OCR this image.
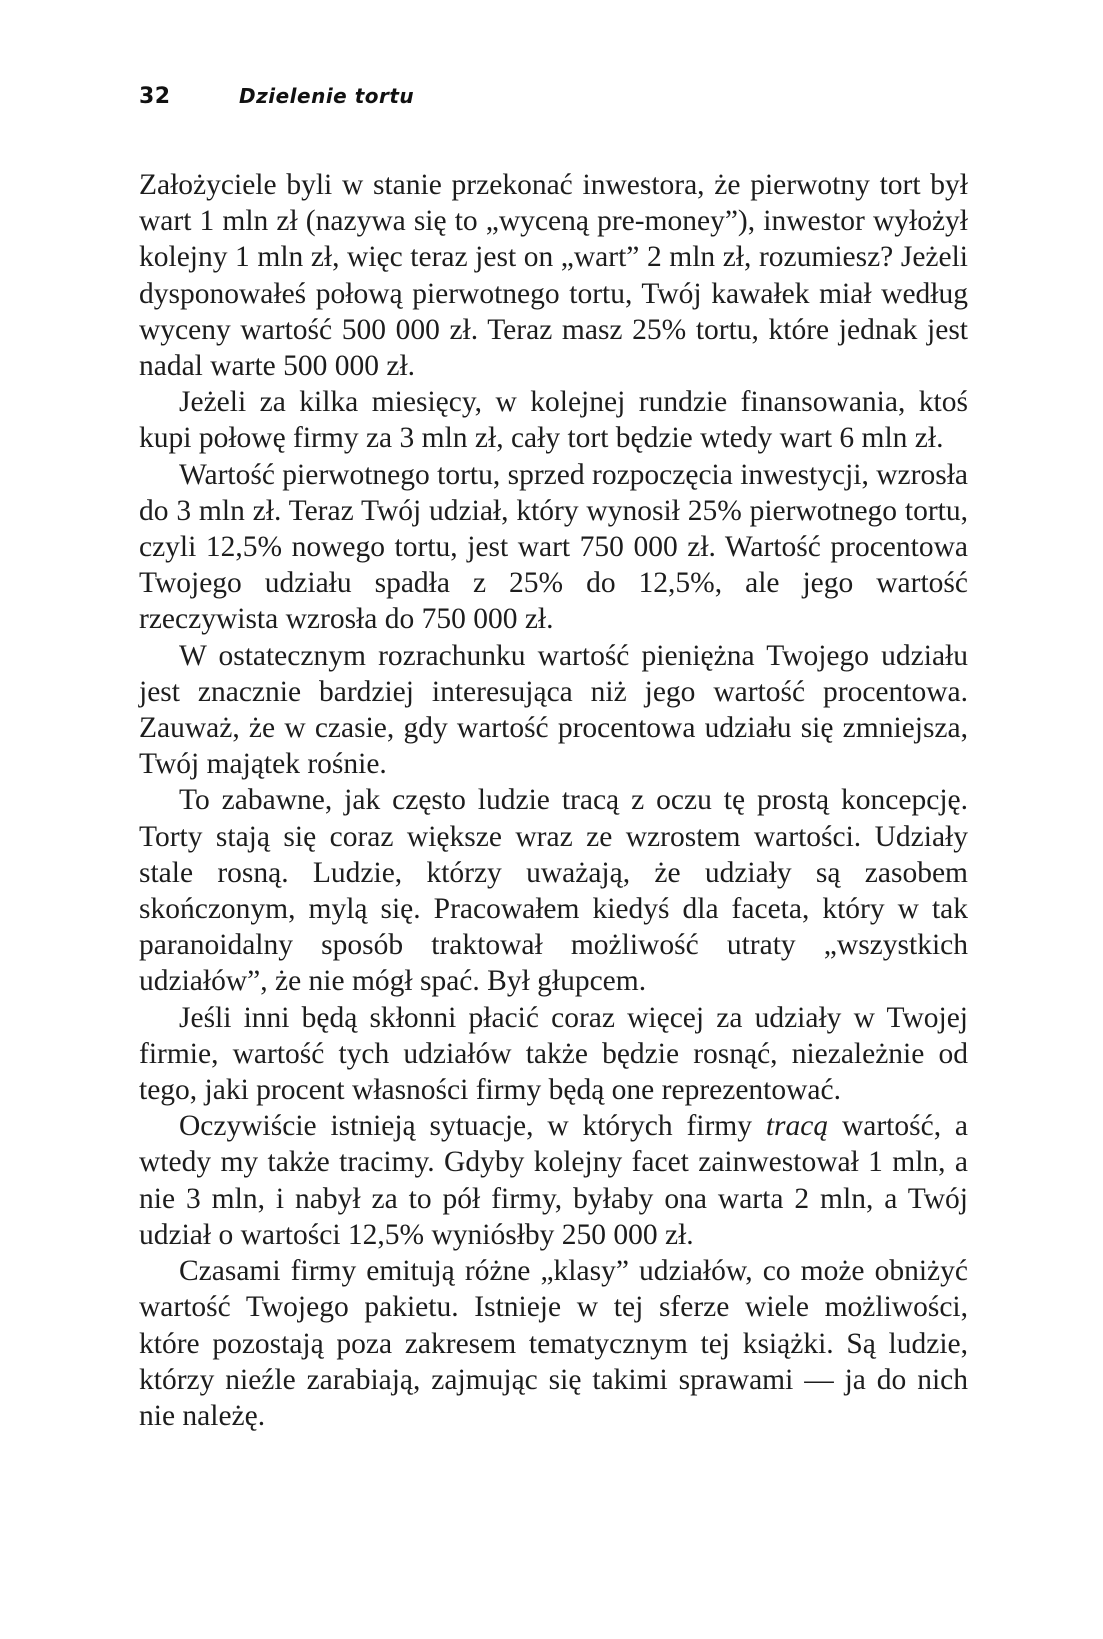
32	Dzielenie tortu

Założyciele byli w stanie przekonać inwestora, że pierwotny tort był wart 1 mln zł (nazywa się to „wyceną pre-money”), inwestor wyłożył kolejny 1 mln zł, więc teraz jest on „wart” 2 mln zł, rozumiesz? Jeżeli dysponowałeś połową pierwotnego tortu, Twój kawałek miał według wyceny wartość 500 000 zł. Teraz masz 25% tortu, które jednak jest nadal warte 500 000 zł.

Jeżeli za kilka miesięcy, w kolejnej rundzie finansowania, ktoś kupi połowę firmy za 3 mln zł, cały tort będzie wtedy wart 6 mln zł.

Wartość pierwotnego tortu, sprzed rozpoczęcia inwestycji, wzrosła do 3 mln zł. Teraz Twój udział, który wynosił 25% pierwotnego tortu, czyli 12,5% nowego tortu, jest wart 750 000 zł. Wartość procentowa Twojego udziału spadła z 25% do 12,5%, ale jego wartość rzeczywista wzrosła do 750 000 zł.

W ostatecznym rozrachunku wartość pieniężna Twojego udziału jest znacznie bardziej interesująca niż jego wartość procentowa. Zauważ, że w czasie, gdy wartość procentowa udziału się zmniejsza, Twój majątek rośnie.

To zabawne, jak często ludzie tracą z oczu tę prostą koncepcję. Torty stają się coraz większe wraz ze wzrostem wartości. Udziały stale rosną. Ludzie, którzy uważają, że udziały są zasobem skończonym, mylą się. Pracowałem kiedyś dla faceta, który w tak paranoidalny sposób traktował możliwość utraty „wszystkich udziałów”, że nie mógł spać. Był głupcem.

Jeśli inni będą skłonni płacić coraz więcej za udziały w Twojej firmie, wartość tych udziałów także będzie rosnąć, niezależnie od tego, jaki procent własności firmy będą one reprezentować.

Oczywiście istnieją sytuacje, w których firmy tracą wartość, a wtedy my także tracimy. Gdyby kolejny facet zainwestował 1 mln, a nie 3 mln, i nabył za to pół firmy, byłaby ona warta 2 mln, a Twój udział o wartości 12,5% wyniósłby 250 000 zł.

Czasami firmy emitują różne „klasy” udziałów, co może obniżyć wartość Twojego pakietu. Istnieje w tej sferze wiele możliwości, które pozostają poza zakresem tematycznym tej książki. Są ludzie, którzy nieźle zarabiają, zajmując się takimi sprawami — ja do nich nie należę.
